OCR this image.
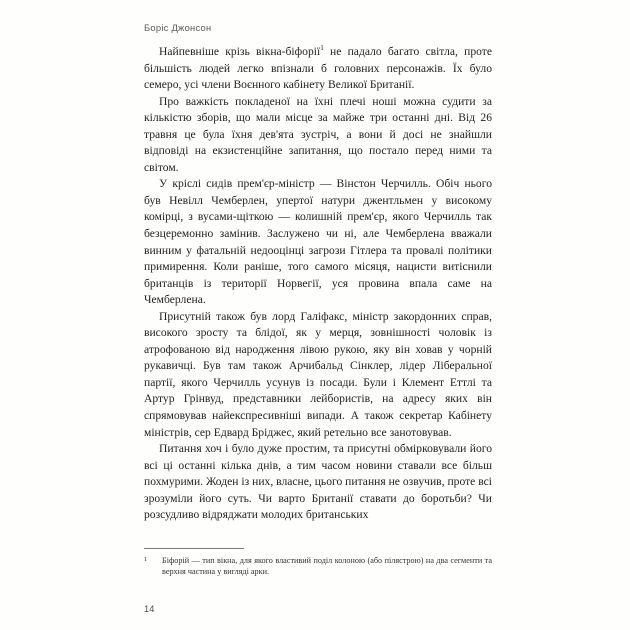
Боріс Джонсон

Найпевніше крізь вікна-біфорії$^1$ не падало багато світла, проте більшість людей легко впізнали б головних персонажів. Їх було семеро, усі члени Воєнного кабінету Великої Британії.

Про важкість покладеної на їхні плечі ноші можна судити за кількістю зборів, що мали місце за майже три останні дні. Від 26 травня це була їхня дев'ята зустріч, а вони й досі не знайшли відповіді на екзистенційне запитання, що постало перед ними та світом.

У кріслі сидів прем'єр-міністр — Вінстон Черчилль. Обіч нього був Невілл Чемберлен, упертої натури джентльмен у високому комірці, з вусами-щіткою — колишній прем'єр, якого Черчилль так безцеремонно замінив. Заслужено чи ні, але Чемберлена вважали винним у фатальній недооцінці загрози Гітлера та провалі політики примирення. Коли раніше, того самого місяця, нацисти витіснили британців із території Норвегії, уся провина впала саме на Чемберлена.

Присутній також був лорд Галіфакс, міністр закордонних справ, високого зросту та блідої, як у мерця, зовнішності чоловік із атрофованою від народження лівою рукою, яку він ховав у чорній рукавичці. Був там також Арчибальд Сінклер, лідер Ліберальної партії, якого Черчилль усунув із посади. Були і Клемент Еттлі та Артур Грінвуд, представники лейбористів, на адресу яких він спрямовував найекспресивніші випади. А також секретар Кабінету міністрів, сер Едвард Бріджес, який ретельно все занотовував.

Питання хоч і було дуже простим, та присутні обмірковували його всі ці останні кілька днів, а тим часом новини ставали все більш похмурими. Жоден із них, власне, цього питання не озвучив, проте всі зрозуміли його суть. Чи варто Британії ставати до боротьби? Чи розсудливо відряджати молодих британських

1 Біфорій — тип вікна, для якого властивий поділ колоною (або пілястрою) на два сегменти та верхня частина у вигляді арки.

14
